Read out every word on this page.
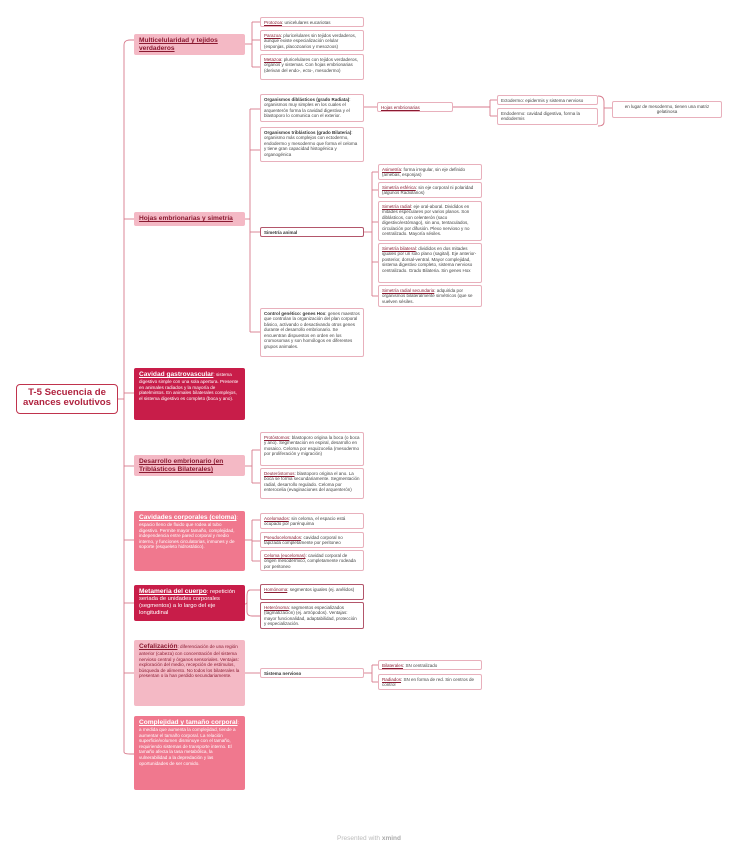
T-5 Secuencia de avances evolutivos
Multicelularidad y tejidos verdaderos
Hojas embrionarias y simetría
Cavidad gastrovascular: sistema digestivo simple con una sola apertura. Presente en animales radiados y la mayoría de platelmintos. En animales bilaterales complejos, el sistema digestivo es completo (boca y ano).
Desarrollo embrionario (en Triblásticos Bilaterales)
Cavidades corporales (celoma): espacio lleno de fluido que rodea al tubo digestivo. Permite mayor tamaño, complejidad, independencia entre pared corporal y medio interno, y funciones circulatorias, inmunes y de soporte (esqueleto hidrostático).
Metameria del cuerpo: repetición seriada de unidades corporales (segmentos) a lo largo del eje longitudinal
Cefalización: diferenciación de una región anterior (cabeza) con concentración del sistema nervioso central y órganos sensoriales. Ventajas: exploración del medio, recepción de estímulos, búsqueda de alimento. No todos los bilaterales la presentan o la han perdido secundariamente.
Complejidad y tamaño corporal: a medida que aumenta la complejidad, tiende a aumentar el tamaño corporal. La relación superficie/volumen disminuye con el tamaño, requiriendo sistemas de transporte interno. El tamaño afecta la tasa metabólica, la vulnerabilidad a la depredación y las oportunidades de ser comido.
Protozoa: unicelulares eucariotas
Parazoa: pluricelulares sin tejidos verdaderos, aunque existe especialización celular (esponjas, placozoarios y mesozoos)
Metazoa: pluricelulares con tejidos verdaderos, órganos y sistemas. Con hojas embrionarias (derivan del endo-, ecto-, mesodermo)
Organismos diblásticos (grado Radiata): organismos muy simples en los cuales el arquenterón forma la cavidad digestiva y el blastoporo lo comunica con el exterior.
Hojas embrionarias
Ectodermo: epidermis y sistema nervioso
Endodermo: cavidad digestiva, forma la endodermis
en lugar de mesodermo, tienen una matriz gelatinosa
Organismos triblásticos (grado Bilateria): organismo más complejos con ectodermo, endodermo y mesodermo que forma el celoma y tiene gran capacidad histogénica y organogénica
Simetría animal
Control genético: genes Hox: genes maestros que controlan la organización del plan corporal básico, activando o desactivando otros genes durante el desarrollo embrionario. Se encuentran dispuestos en orden en los cromosomas y son homólogos en diferentes grupos animales.
Asimetría: forma irregular, sin eje definido (amebas, esponjas)
Simetría esférica: sin eje corporal ni polaridad (algunos Radiolarios)
Simetría radial: eje oral-aboral. Divididos en mitades especulares por varios planos. Son diblásticos, con celenterón (saco digestivo/estómago), sin ano, tentaculados, circulación por difusión. Plexo nervioso y no centralizado. Mayoría sésiles.
Simetría bilateral: divididos en dos mitades iguales por un solo plano (sagital). Eje anterior-posterior, dorsal-ventral. Mayor complejidad, sistema digestivo completo, sistema nervioso centralizado. Grado Bilateria. Sin genes Hox
Simetría radial secundaria: adquirida por organismos bilateralmente simétricos (que se vuelven sésiles.
Protóstomos: blastoporo origina la boca (o boca y ano). Segmentación en espiral, desarrollo en mosaico. Celoma por esquizocelia (mesodermo por proliferación y migración)
Deuteróstomos: blastoporo origina el ano. La boca se forma secundariamente. Segmentación radial, desarrollo regulado. Celoma por enterocelia (evaginaciones del arquenterón)
Acelomados: sin celoma, el espacio está ocupado por parénquima
Pseudocelomados: cavidad corporal no tapizada completamente por peritoneo
Celoma (eucelomas): cavidad corporal de origen mesodérmico, completamente rodeada por peritoneo
Homónoma: segmentos iguales (ej. anélidos)
Heterónoma: segmentos especializados (tagmatización) (ej. artrópodos). Ventajas: mayor funcionalidad, adaptabilidad, protección y especialización.
Sistema nervioso
Bilaterales: SN centralizado
Radiados: SN en forma de red. Sin centros de control
Presented with xmind
